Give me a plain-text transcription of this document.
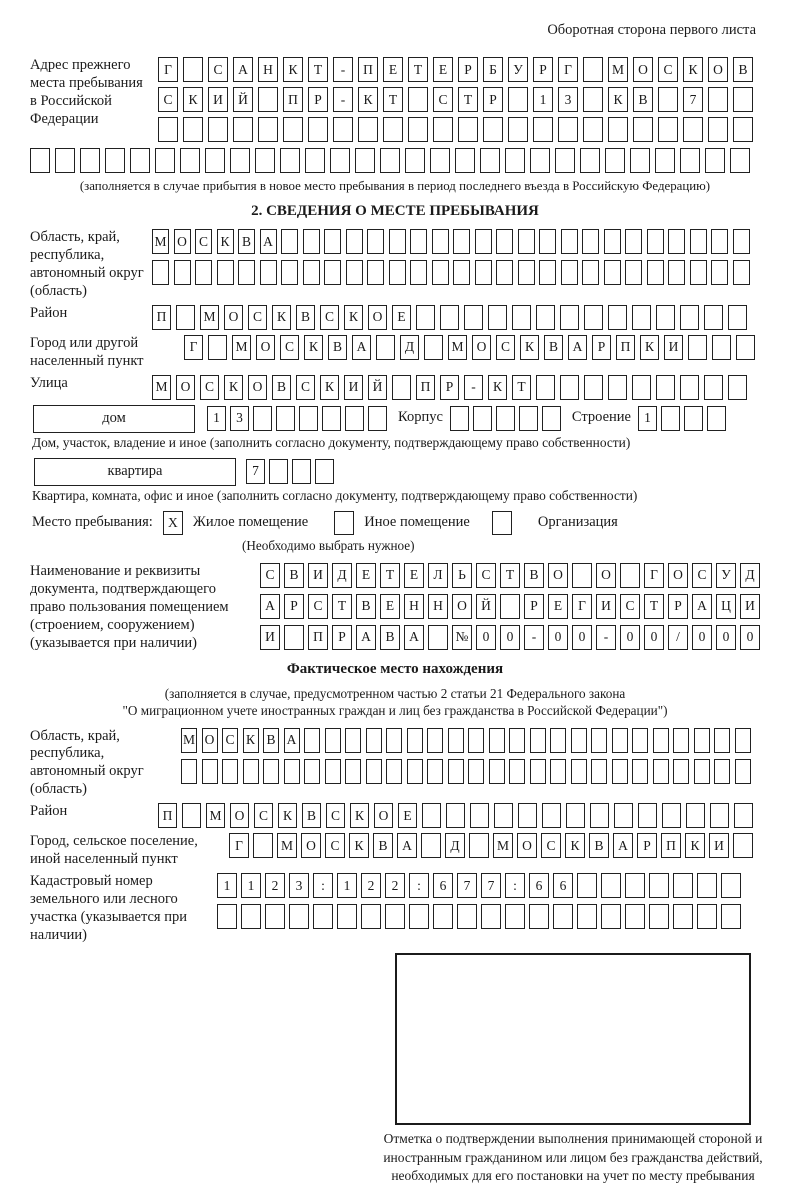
Оборотная сторона первого листа
Адрес прежнего места пребывания в Российской Федерации
Г	С	А	Н	К	Т	-	П	Е	Т	Е	Р	Б	У	Р	Г	М	О	С	К	О	В
С	К	И	Й	П	Р	-	К	Т	С	Т	Р	1	3	К	В	7
(заполняется в случае прибытия в новое место пребывания в период последнего въезда в Российскую Федерацию)
2. СВЕДЕНИЯ О МЕСТЕ ПРЕБЫВАНИЯ
Область, край, республика, автономный округ (область)
М О С К В А
Район	П	М О	С	К	В	С	К	О	Е
Город или другой населенный пункт
Г	М О	С	К	В	А	Д	М О	С	К	В	А	Р	П	К	И
Улица	М О	С	К	О	В	С	К	И	Й	П	Р	-	К	Т
дом	1	3	Корпус	Строение 1
Дом, участок, владение и иное (заполнить согласно документу, подтверждающему право собственности)
квартира	7
Квартира, комната, офис и иное (заполнить согласно документу, подтверждающему право собственности)
Место пребывания:	X	Жилое помещение	Иное помещение	Организация
(Необходимо выбрать нужное)
Наименование и реквизиты документа, подтверждающего право пользования помещением (строением, сооружением) (указывается при наличии)
С	В	И	Д	Е	Т	Е	Л	Ь	С	Т	В	О	О	Г	О	С	У	Д
А	Р	С	Т	В	Е	Н	Н	О	Й	Р	Е	Г	И	С	Т	Р	А	Ц	И
И	П	Р	А	В	А	№	0	0	-	0	0	-	0	0	/	0	0	0
Фактическое место нахождения
(заполняется в случае, предусмотренном частью 2 статьи 21 Федерального закона
"О миграционном учете иностранных граждан и лиц без гражданства в Российской Федерации")
Область, край, республика, автономный округ (область)
М О С К В А
Район	П	М О	С	К	В	С	К	О	Е
Город, сельское поселение, иной населенный пункт
Г	М О	С	К	В	А	Д	М О	С	К	В	А	Р	П	К	И
Кадастровый номер земельного или лесного участка (указывается при наличии)
1	1	2	3	:	1	2	2	:	6	7	7	:	6	6
Отметка о подтверждении выполнения принимающей стороной и иностранным гражданином или лицом без гражданства действий, необходимых для его постановки на учет по месту пребывания
